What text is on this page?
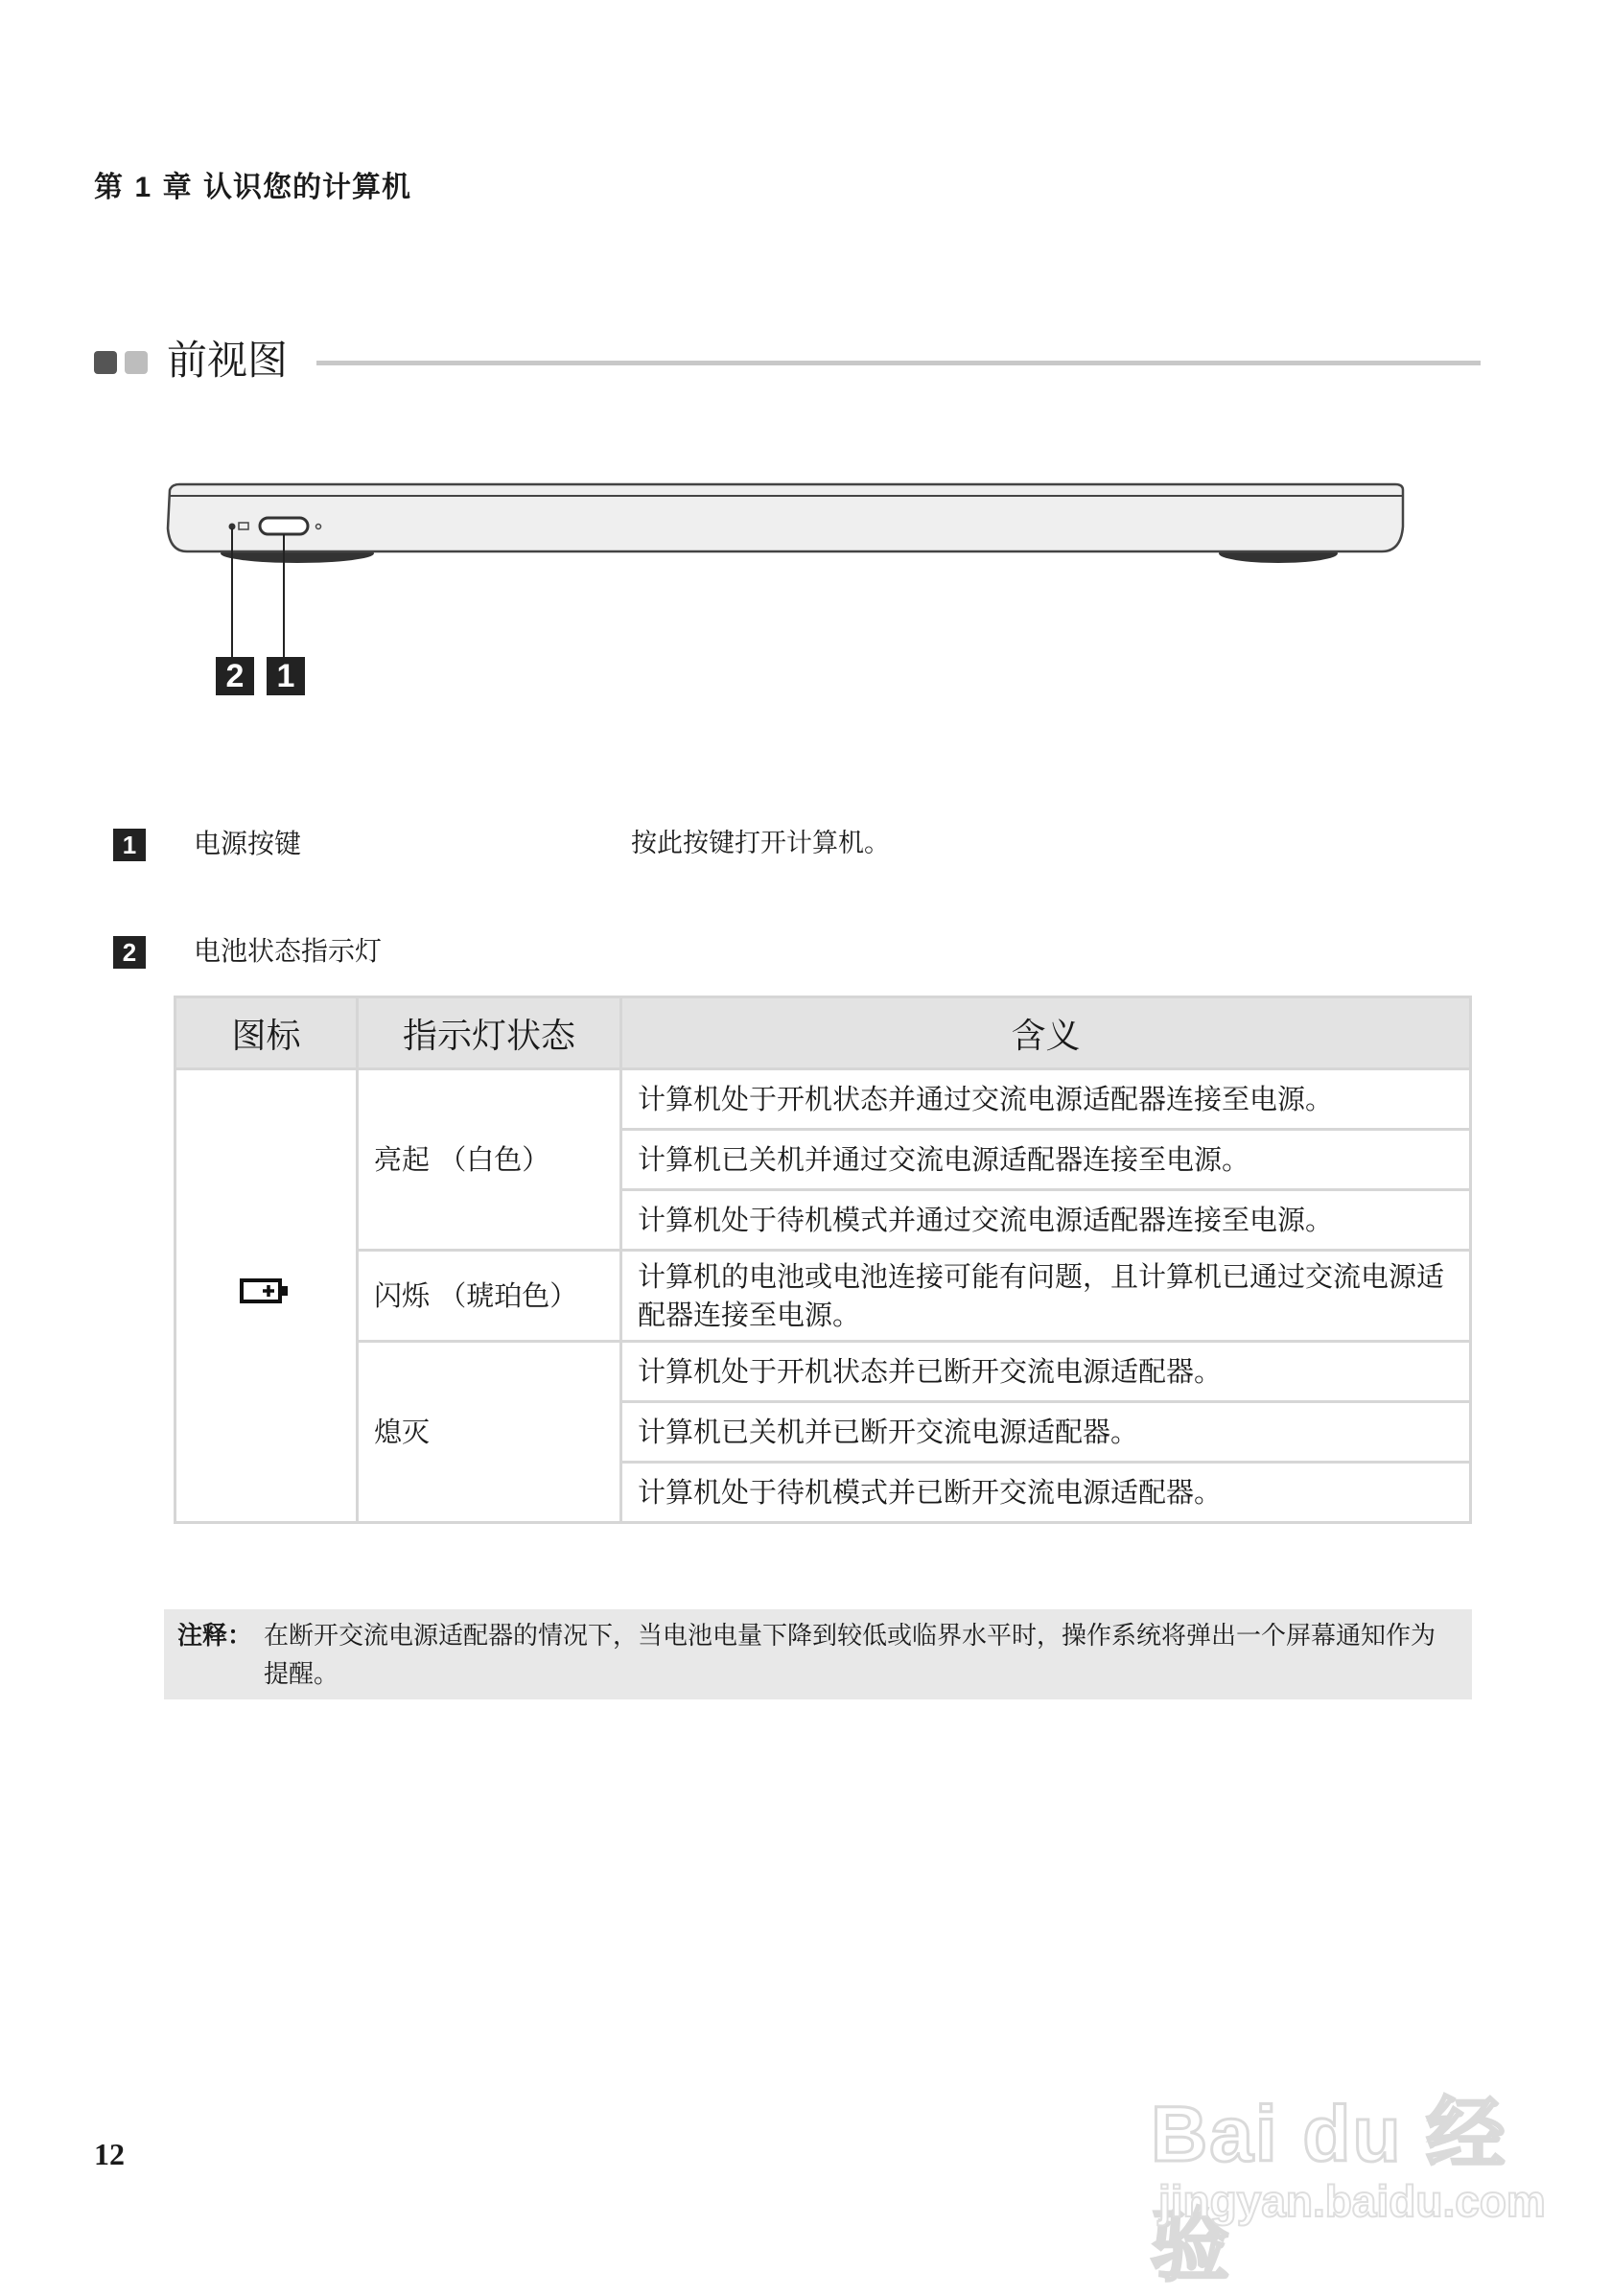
第 1 章 认识您的计算机
前视图
2	1
1	电源按键	按此按键打开计算机。
2	电池状态指示灯
图标	指示灯状态	含义
	亮起 （白色）	计算机处于开机状态并通过交流电源适配器连接至电源。
		计算机已关机并通过交流电源适配器连接至电源。
		计算机处于待机模式并通过交流电源适配器连接至电源。
	闪烁 （琥珀色）	计算机的电池或电池连接可能有问题，且计算机已通过交流电源适配器连接至电源。
	熄灭	计算机处于开机状态并已断开交流电源适配器。
		计算机已关机并已断开交流电源适配器。
		计算机处于待机模式并已断开交流电源适配器。
注释： 在断开交流电源适配器的情况下，当电池电量下降到较低或临界水平时，操作系统将弹出一个屏幕通知作为提醒。
12	Bai du 经验
jingyan.baidu.com
